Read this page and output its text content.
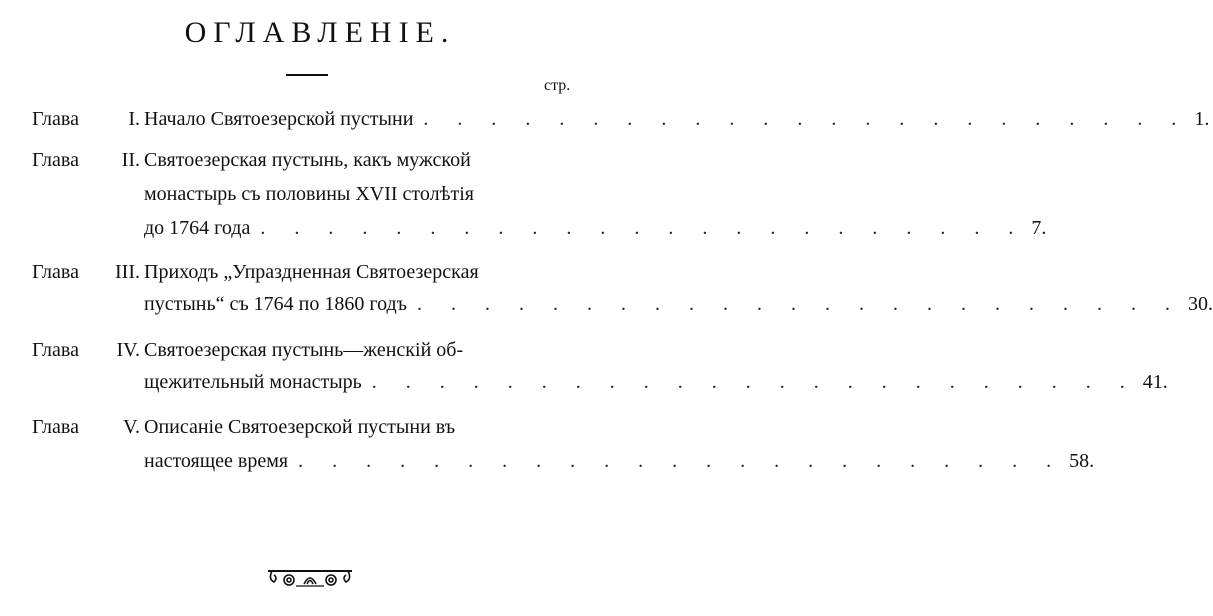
ОГЛАВЛЕНІЕ.
стр.
Глава I. Начало Святоезерской пустыни . . . . . . . . . . . . . . . . . . . . . . . 1.
Глава II. Святоезерская пустынь, какъ мужской
монастырь съ половины XVII столѣтія
до 1764 года . . . . . . . . . . . . . . . . . . . . . . . 7.
Глава III. Приходъ „Упраздненная Святоезерская
пустынь“ съ 1764 по 1860 годъ . . . . . . . . . . . . . . . . . . . . . . . 30.
Глава IV. Святоезерская пустынь—женскій об-
щежительный монастырь . . . . . . . . . . . . . . . . . . . . . . . 41.
Глава V. Описаніе Святоезерской пустыни въ
настоящее время . . . . . . . . . . . . . . . . . . . . . . . 58.
